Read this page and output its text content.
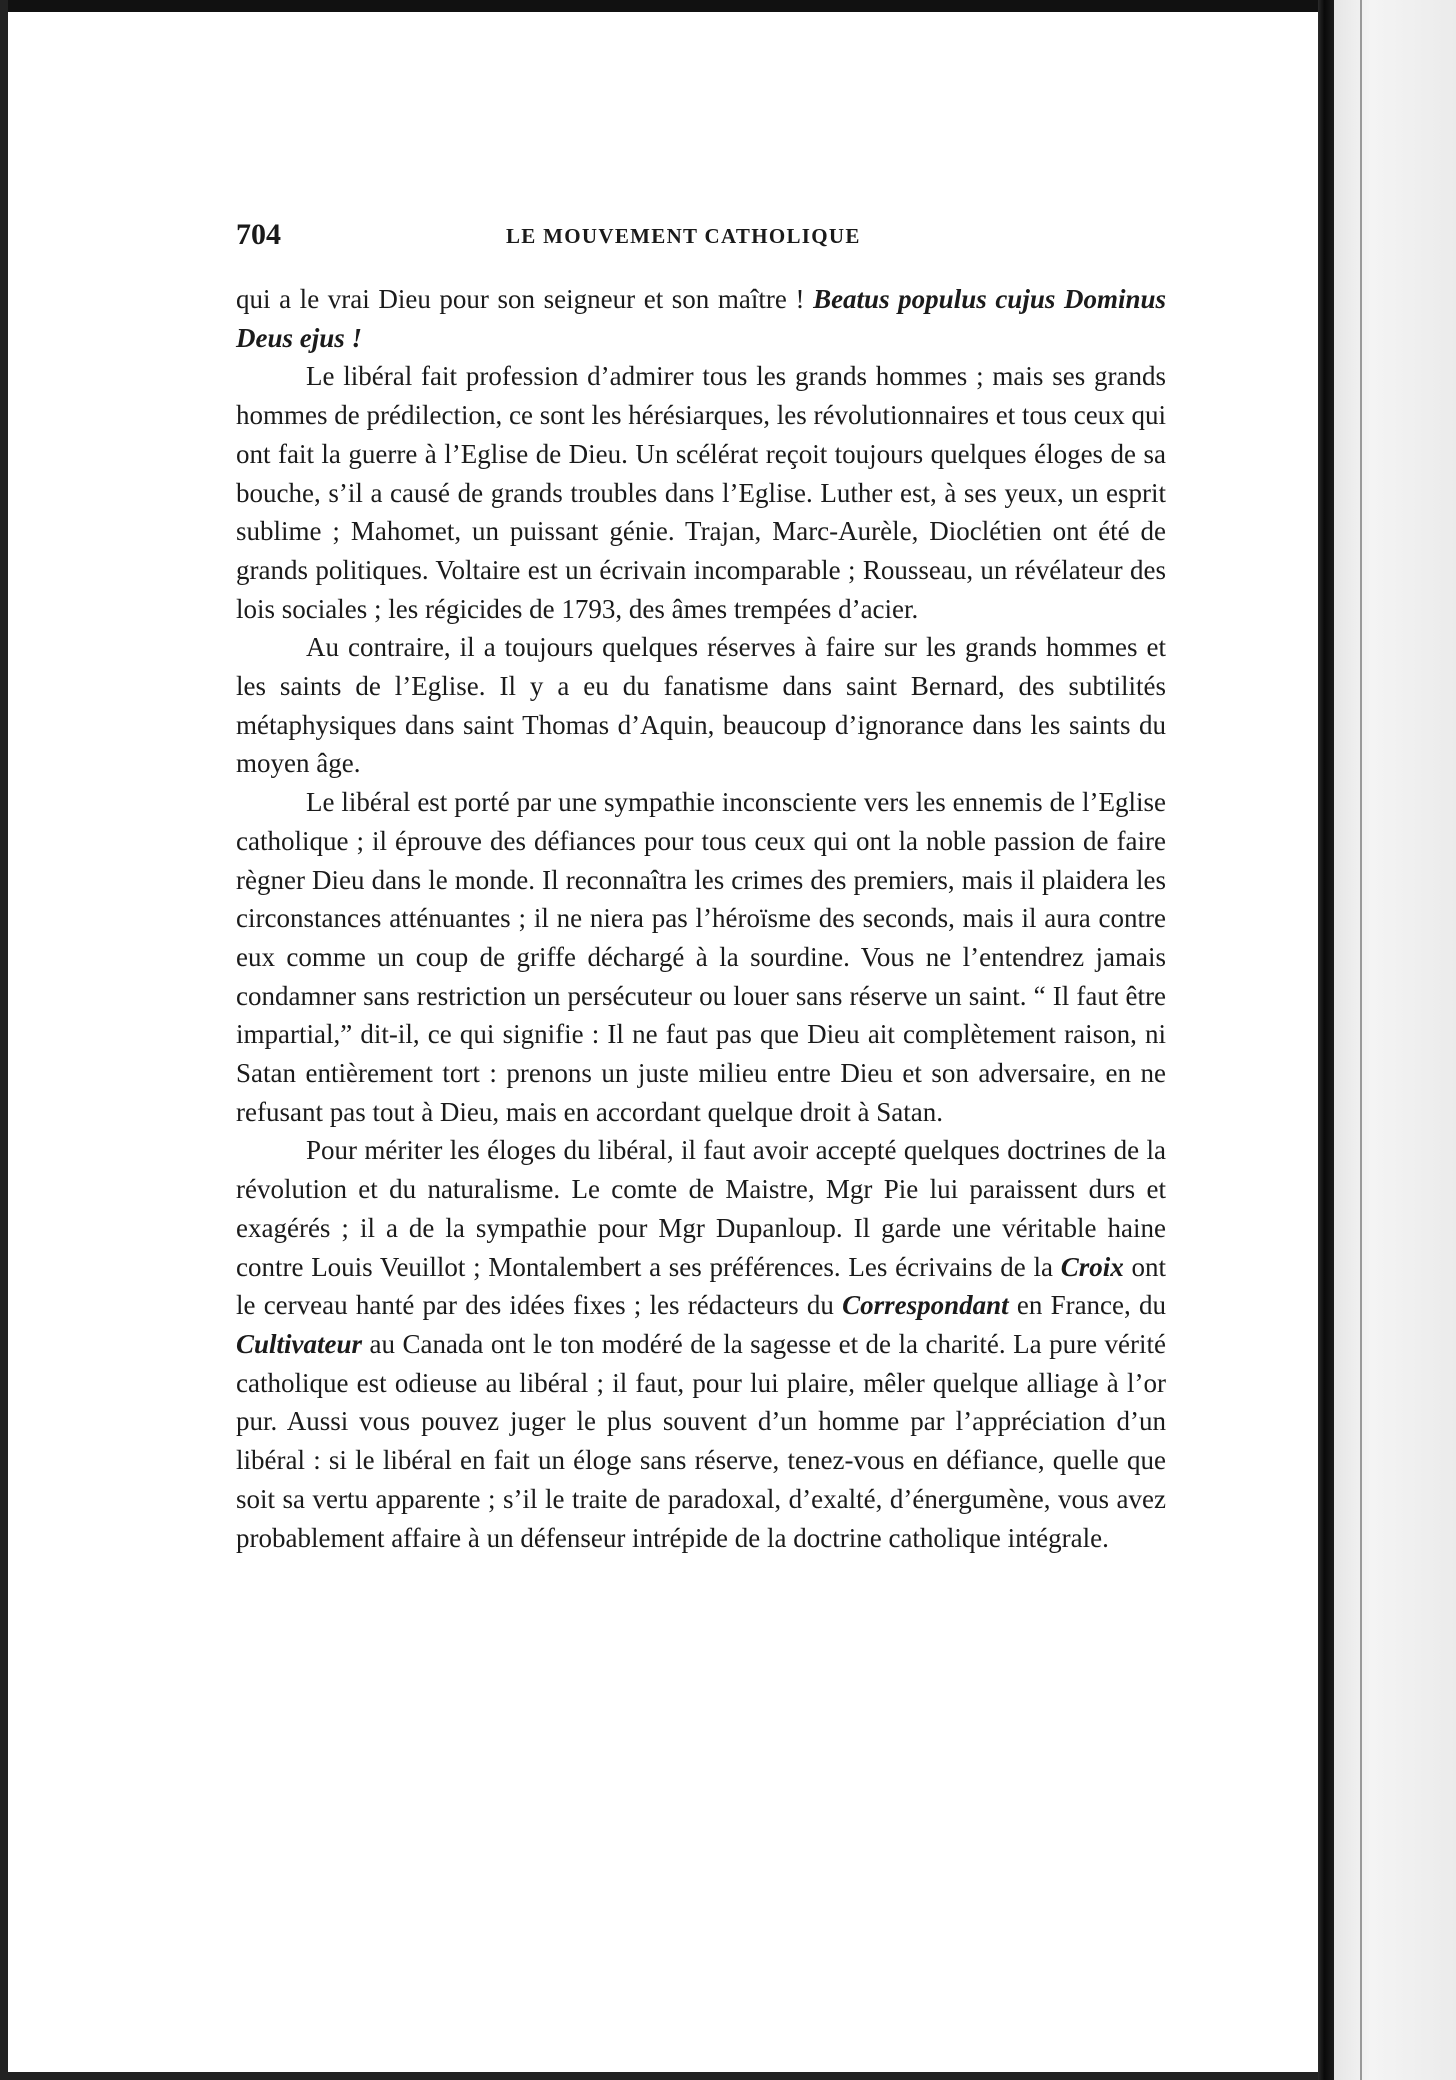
704	LE MOUVEMENT CATHOLIQUE

qui a le vrai Dieu pour son seigneur et son maître ! Beatus populus cujus Dominus Deus ejus !

Le libéral fait profession d’admirer tous les grands hommes ; mais ses grands hommes de prédilection, ce sont les hérésiarques, les révolutionnaires et tous ceux qui ont fait la guerre à l’Eglise de Dieu. Un scélérat reçoit toujours quelques éloges de sa bouche, s’il a causé de grands troubles dans l’Eglise. Luther est, à ses yeux, un esprit sublime ; Mahomet, un puissant génie. Trajan, Marc-Aurèle, Dioclétien ont été de grands politiques. Voltaire est un écrivain incomparable ; Rousseau, un révélateur des lois sociales ; les régicides de 1793, des âmes trempées d’acier.

Au contraire, il a toujours quelques réserves à faire sur les grands hommes et les saints de l’Eglise. Il y a eu du fanatisme dans saint Bernard, des subtilités métaphysiques dans saint Thomas d’Aquin, beaucoup d’ignorance dans les saints du moyen âge.

Le libéral est porté par une sympathie inconsciente vers les ennemis de l’Eglise catholique ; il éprouve des défiances pour tous ceux qui ont la noble passion de faire règner Dieu dans le monde. Il reconnaîtra les crimes des premiers, mais il plaidera les circonstances atténuantes ; il ne niera pas l’héroïsme des seconds, mais il aura contre eux comme un coup de griffe déchargé à la sourdine. Vous ne l’entendrez jamais condamner sans restriction un persécuteur ou louer sans réserve un saint. “ Il faut être impartial,” dit-il, ce qui signifie : Il ne faut pas que Dieu ait complètement raison, ni Satan entièrement tort : prenons un juste milieu entre Dieu et son adversaire, en ne refusant pas tout à Dieu, mais en accordant quelque droit à Satan.

Pour mériter les éloges du libéral, il faut avoir accepté quelques doctrines de la révolution et du naturalisme. Le comte de Maistre, Mgr Pie lui paraissent durs et exagérés ; il a de la sympathie pour Mgr Dupanloup. Il garde une véritable haine contre Louis Veuillot ; Montalembert a ses préférences. Les écrivains de la Croix ont le cerveau hanté par des idées fixes ; les rédacteurs du Correspondant en France, du Cultivateur au Canada ont le ton modéré de la sagesse et de la charité. La pure vérité catholique est odieuse au libéral ; il faut, pour lui plaire, mêler quelque alliage à l’or pur. Aussi vous pouvez juger le plus souvent d’un homme par l’appréciation d’un libéral : si le libéral en fait un éloge sans réserve, tenez-vous en défiance, quelle que soit sa vertu apparente ; s’il le traite de paradoxal, d’exalté, d’énergumène, vous avez probablement affaire à un défenseur intrépide de la doctrine catholique intégrale.
